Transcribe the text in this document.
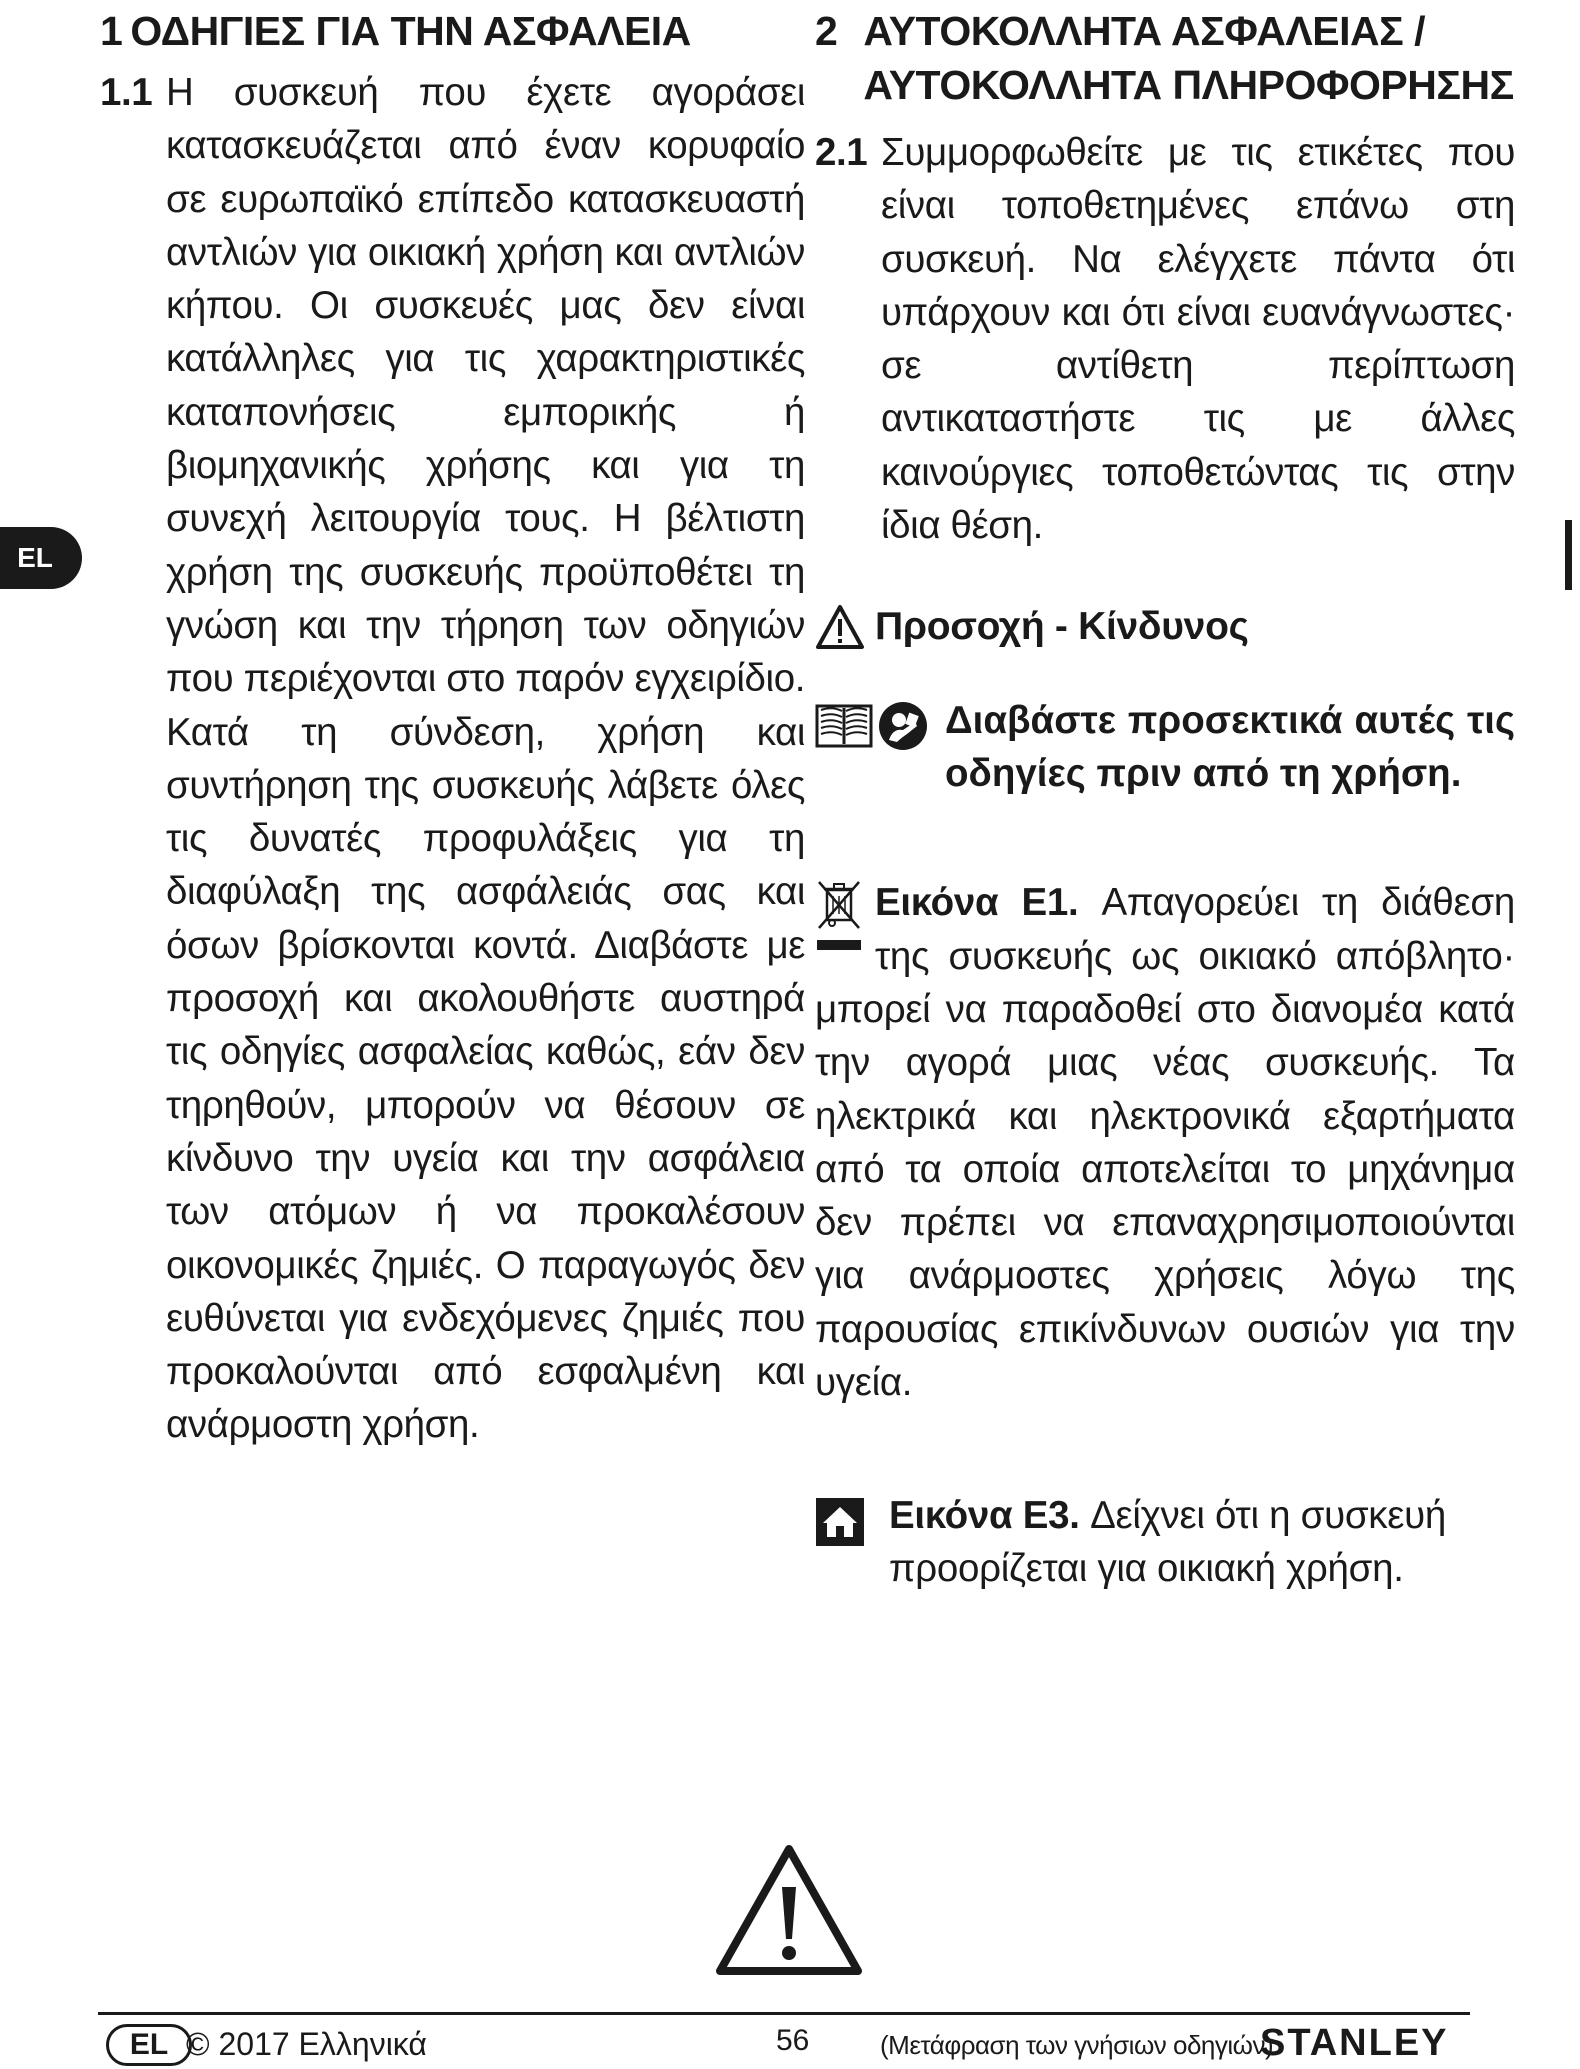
EL
1 ΟΔΗΓΙΕΣ ΓΙΑ ΤΗΝ ΑΣΦΑΛΕΙΑ
1.1 Η συσκευή που έχετε αγοράσει κατασκευάζεται από έναν κορυφαίο σε ευρωπαϊκό επίπεδο κατασκευαστή αντλιών για οικιακή χρήση και αντλιών κήπου. Οι συσκευές μας δεν είναι κατάλληλες για τις χαρακτηριστικές καταπονήσεις εμπορικής ή βιομηχανικής χρήσης και για τη συνεχή λειτουργία τους. Η βέλτιστη χρήση της συσκευής προϋποθέτει τη γνώση και την τήρηση των οδηγιών που περιέχονται στο παρόν εγχειρίδιο. Κατά τη σύνδεση, χρήση και συντήρηση της συσκευής λάβετε όλες τις δυνατές προφυλάξεις για τη διαφύλαξη της ασφάλειάς σας και όσων βρίσκονται κοντά. Διαβάστε με προσοχή και ακολουθήστε αυστηρά τις οδηγίες ασφαλείας καθώς, εάν δεν τηρηθούν, μπορούν να θέσουν σε κίνδυνο την υγεία και την ασφάλεια των ατόμων ή να προκαλέσουν οικονομικές ζημιές. Ο παραγωγός δεν ευθύνεται για ενδεχόμενες ζημιές που προκαλούνται από εσφαλμένη και ανάρμοστη χρήση.
2 ΑΥΤΟΚΟΛΛΗΤΑ ΑΣΦΑΛΕΙΑΣ / ΑΥΤΟΚΟΛΛΗΤΑ ΠΛΗΡΟΦΟΡΗΣΗΣ
2.1 Συμμορφωθείτε με τις ετικέτες που είναι τοποθετημένες επάνω στη συσκευή. Να ελέγχετε πάντα ότι υπάρχουν και ότι είναι ευανάγνωστες· σε αντίθετη περίπτωση αντικαταστήστε τις με άλλες καινούργιες τοποθετώντας τις στην ίδια θέση.
Προσοχή - Κίνδυνος
Διαβάστε προσεκτικά αυτές τις οδηγίες πριν από τη χρήση.
Εικόνα E1. Απαγορεύει τη διάθεση της συσκευής ως οικιακό απόβλητο· μπορεί να παραδοθεί στο διανομέα κατά την αγορά μιας νέας συσκευής. Τα ηλεκτρικά και ηλεκτρονικά εξαρτήματα από τα οποία αποτελείται το μηχάνημα δεν πρέπει να επαναχρησιμοποιούνται για ανάρμοστες χρήσεις λόγω της παρουσίας επικίνδυνων ουσιών για την υγεία.
Εικόνα E3. Δείχνει ότι η συσκευή προορίζεται για οικιακή χρήση.
EL © 2017 Ελληνικά	56	(Μετάφραση των γνήσιων οδηγιών)
STANLEY
